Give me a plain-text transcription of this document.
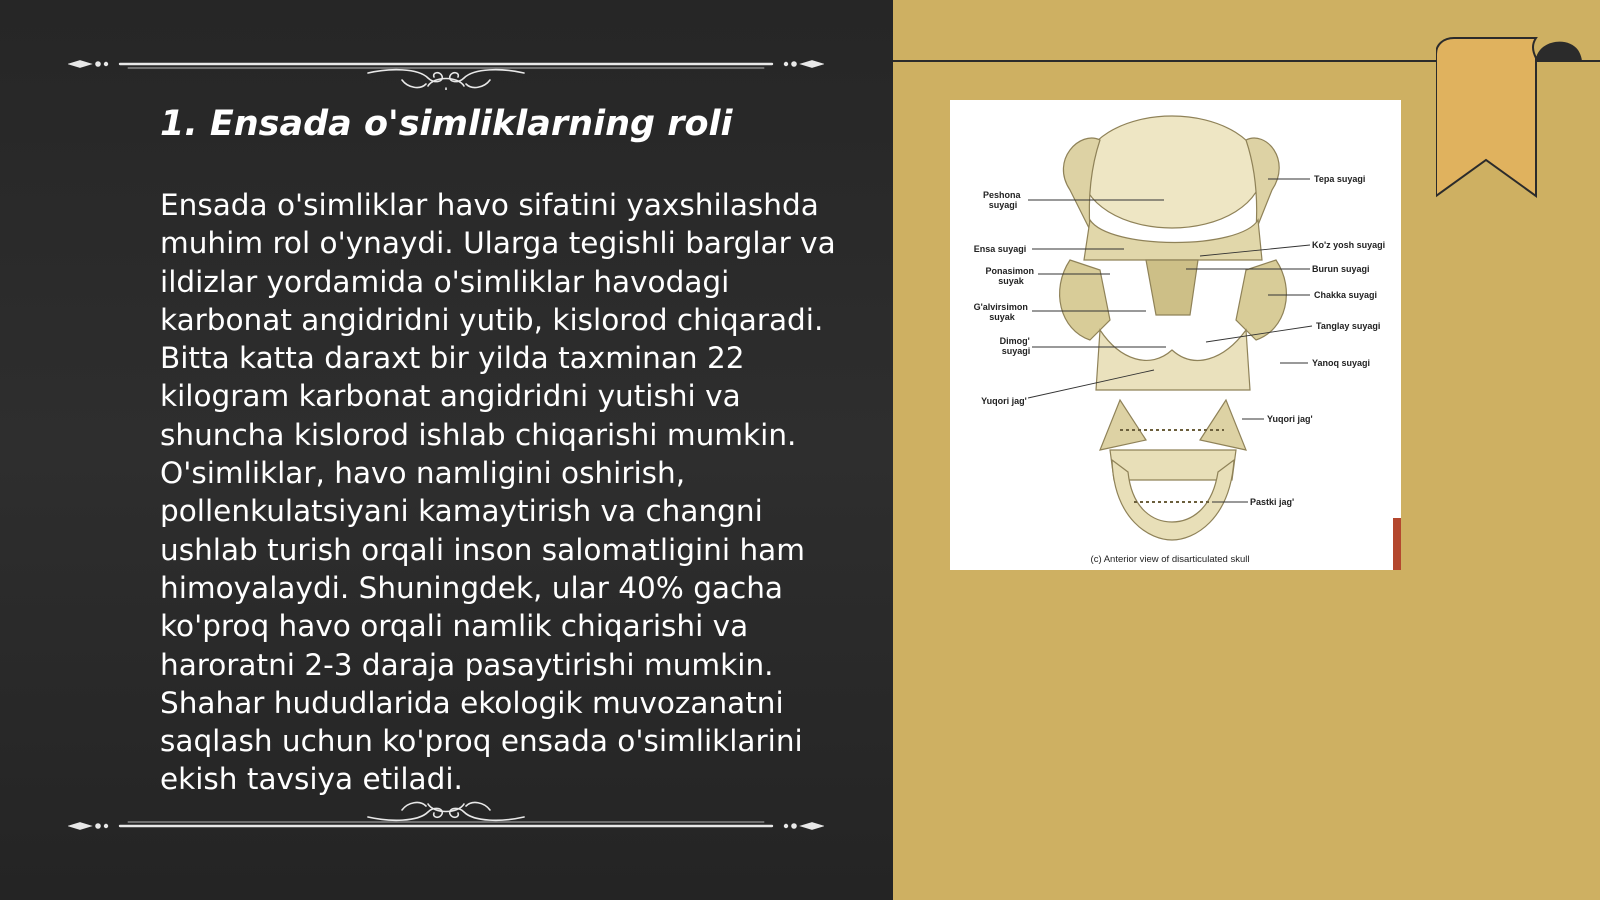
1. Ensada o'simliklarning roli

Ensada o'simliklar havo sifatini yaxshilashda muhim rol o'ynaydi. Ularga tegishli barglar va ildizlar yordamida o'simliklar havodagi karbonat angidridni yutib, kislorod chiqaradi. Bitta katta daraxt bir yilda taxminan 22 kilogram karbonat angidridni yutishi va shuncha kislorod ishlab chiqarishi mumkin. O'simliklar, havo namligini oshirish, pollenkulatsiyani kamaytirish va changni ushlab turish orqali inson salomatligini ham himoyalaydi. Shuningdek, ular 40% gacha ko'proq havo orqali namlik chiqarishi va haroratni 2-3 daraja pasaytirishi mumkin. Shahar hududlarida ekologik muvozanatni saqlash uchun ko'proq ensada o'simliklarini ekish tavsiya etiladi.

Peshona suyagi
Ensa suyagi
Ponasimon suyak
G'alvirsimon suyak
Dimog' suyagi
Yuqori jag'
Tepa suyagi
Ko'z yosh suyagi
Burun suyagi
Chakka suyagi
Tanglay suyagi
Yanoq suyagi
Yuqori jag'
Pastki jag'
(c) Anterior view of disarticulated skull
